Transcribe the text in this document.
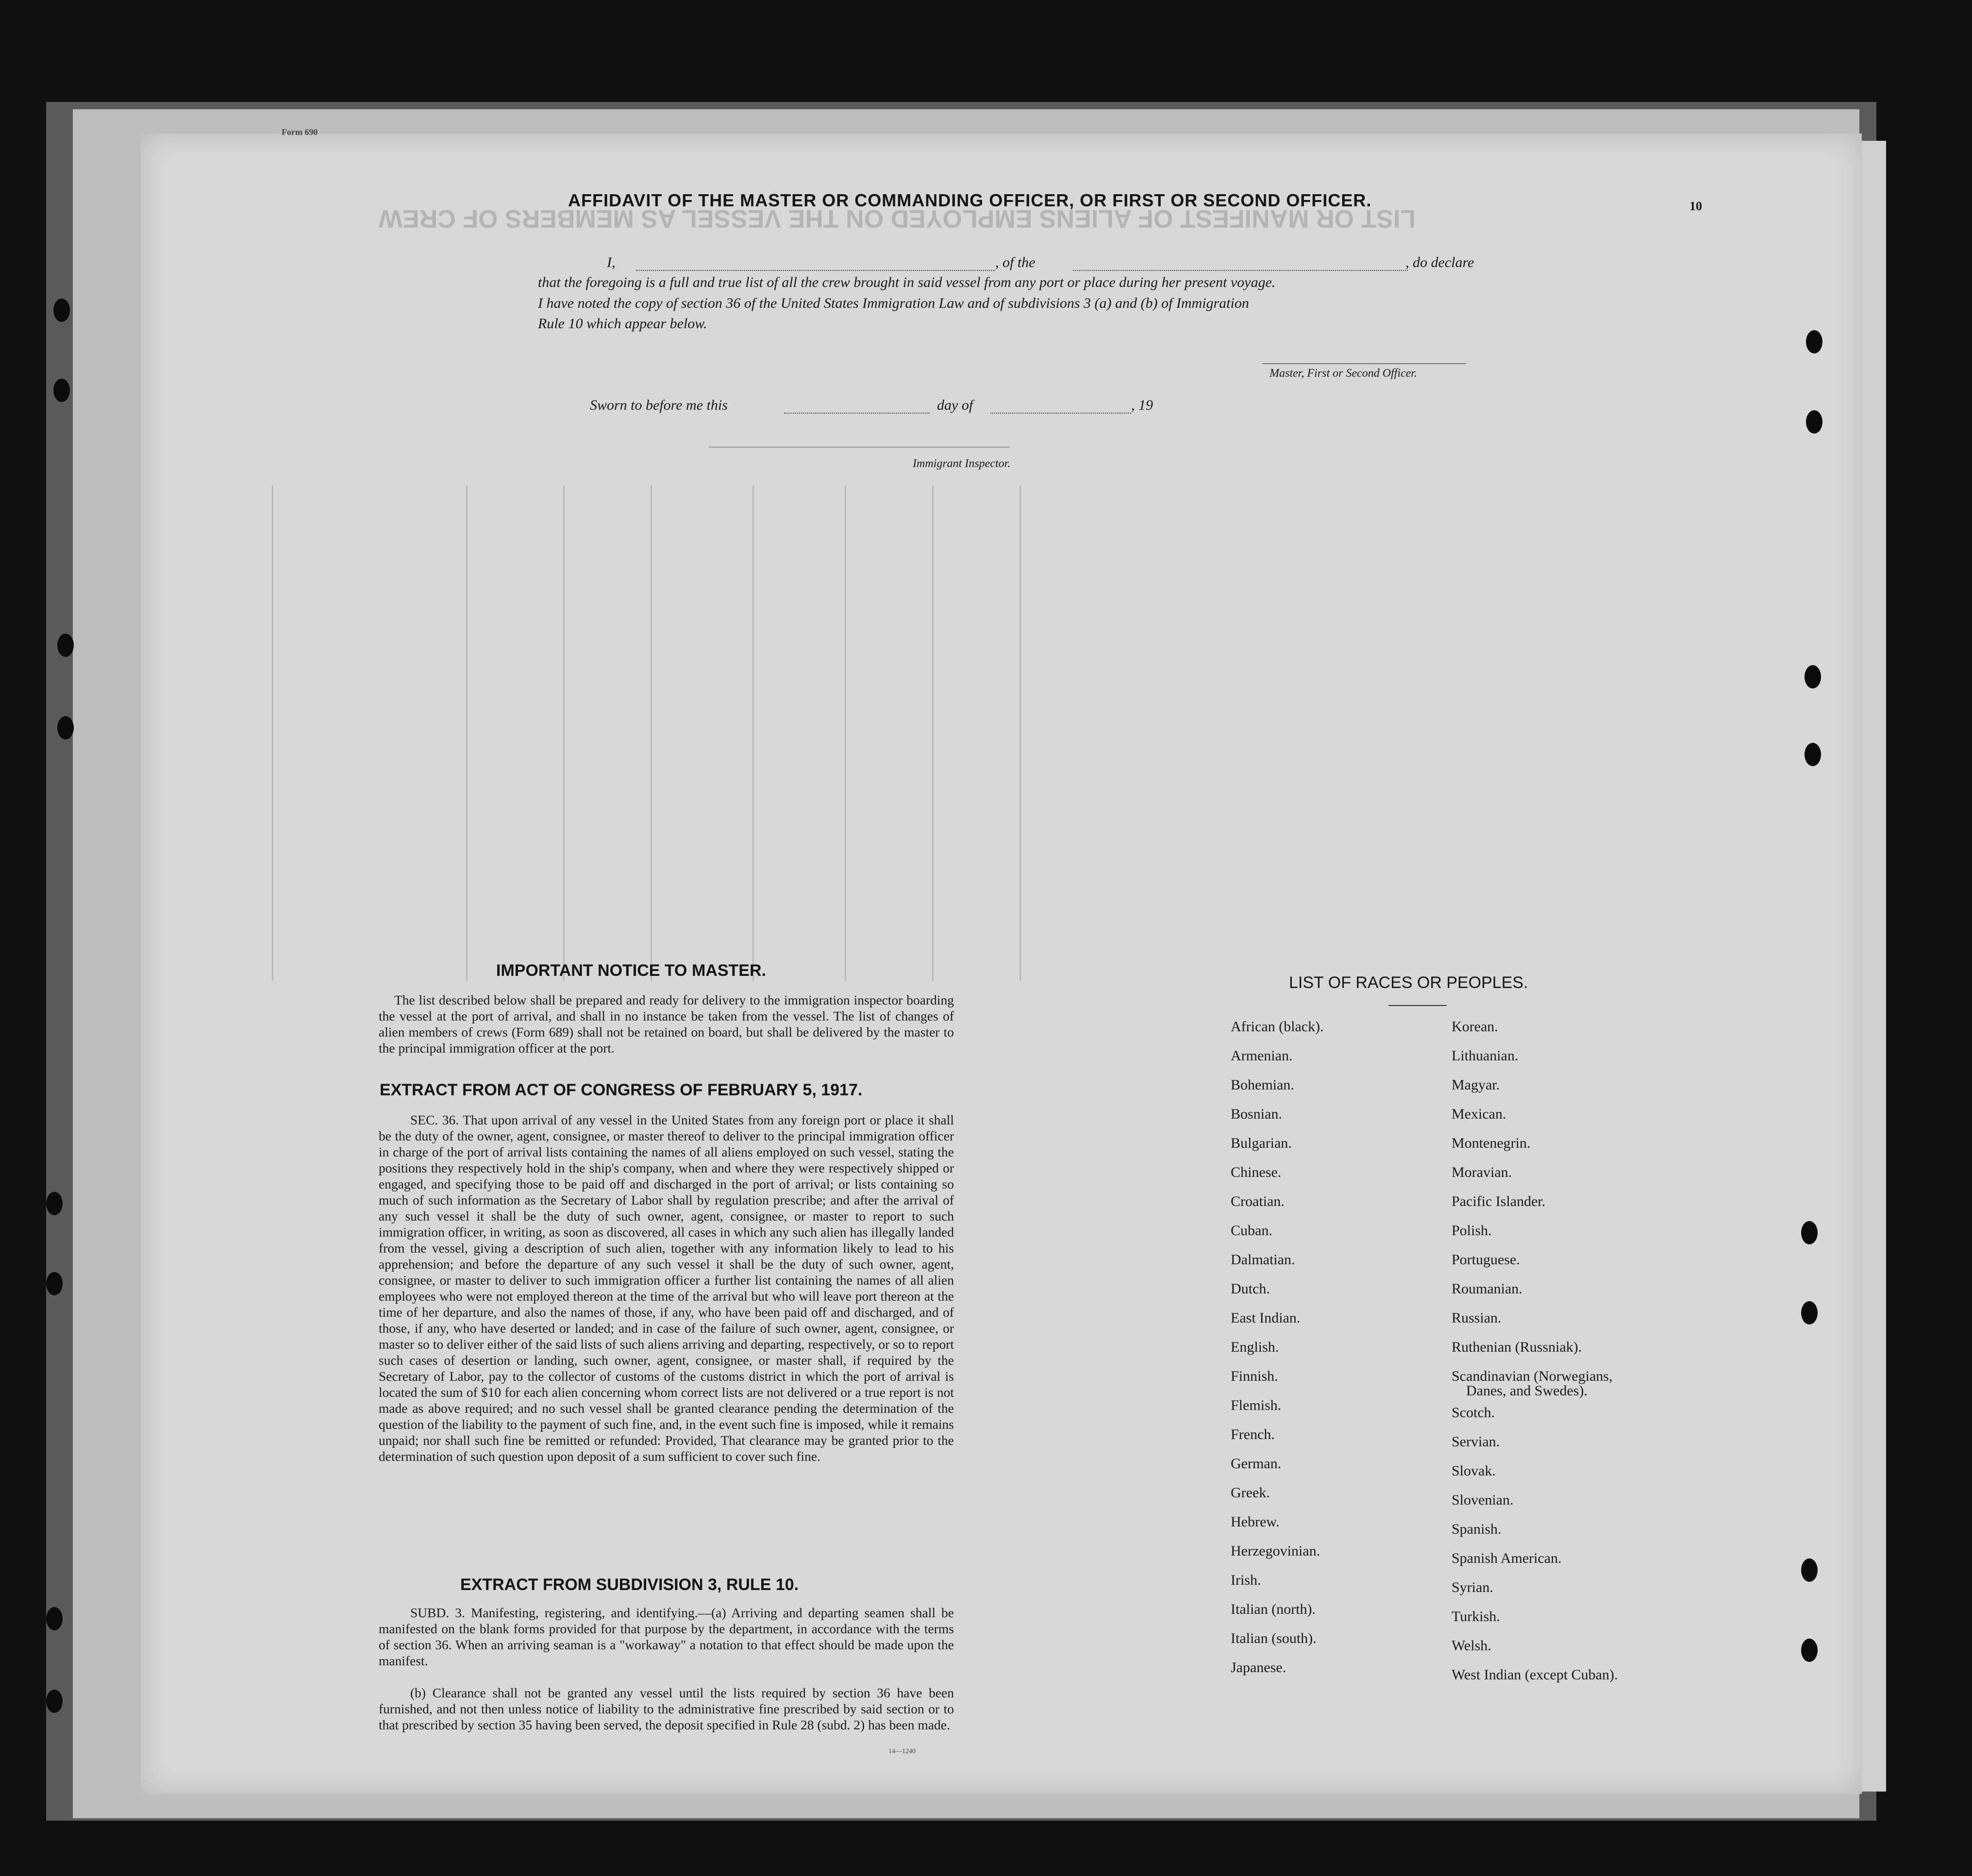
LIST OR MANIFEST OF ALIENS EMPLOYED ON THE VESSEL AS MEMBERS OF CREW
Form 690
10
AFFIDAVIT OF THE MASTER OR COMMANDING OFFICER, OR FIRST OR SECOND OFFICER.
I,	, of the	, do declare
that the foregoing is a full and true list of all the crew brought in said vessel from any port or place during her present voyage.
I have noted the copy of section 36 of the United States Immigration Law and of subdivisions 3 (a) and (b) of Immigration
Rule 10 which appear below.
Master, First or Second Officer.
Sworn to before me this	day of	, 19
Immigrant Inspector.
IMPORTANT NOTICE TO MASTER.
The list described below shall be prepared and ready for delivery to the immigration inspector boarding the vessel at the port of arrival, and shall in no instance be taken from the vessel. The list of changes of alien members of crews (Form 689) shall not be retained on board, but shall be delivered by the master to the principal immigration officer at the port.
EXTRACT FROM ACT OF CONGRESS OF FEBRUARY 5, 1917.
SEC. 36. That upon arrival of any vessel in the United States from any foreign port or place it shall be the duty of the owner, agent, consignee, or master thereof to deliver to the principal immigration officer in charge of the port of arrival lists containing the names of all aliens employed on such vessel, stating the positions they respectively hold in the ship's company, when and where they were respectively shipped or engaged, and specifying those to be paid off and discharged in the port of arrival; or lists containing so much of such information as the Secretary of Labor shall by regulation prescribe; and after the arrival of any such vessel it shall be the duty of such owner, agent, consignee, or master to report to such immigration officer, in writing, as soon as discovered, all cases in which any such alien has illegally landed from the vessel, giving a description of such alien, together with any information likely to lead to his apprehension; and before the departure of any such vessel it shall be the duty of such owner, agent, consignee, or master to deliver to such immigration officer a further list containing the names of all alien employees who were not employed thereon at the time of the arrival but who will leave port thereon at the time of her departure, and also the names of those, if any, who have been paid off and discharged, and of those, if any, who have deserted or landed; and in case of the failure of such owner, agent, consignee, or master so to deliver either of the said lists of such aliens arriving and departing, respectively, or so to report such cases of desertion or landing, such owner, agent, consignee, or master shall, if required by the Secretary of Labor, pay to the collector of customs of the customs district in which the port of arrival is located the sum of $10 for each alien concerning whom correct lists are not delivered or a true report is not made as above required; and no such vessel shall be granted clearance pending the determination of the question of the liability to the payment of such fine, and, in the event such fine is imposed, while it remains unpaid; nor shall such fine be remitted or refunded: Provided, That clearance may be granted prior to the determination of such question upon deposit of a sum sufficient to cover such fine.
EXTRACT FROM SUBDIVISION 3, RULE 10.
SUBD. 3. Manifesting, registering, and identifying.—(a) Arriving and departing seamen shall be manifested on the blank forms provided for that purpose by the department, in accordance with the terms of section 36. When an arriving seaman is a "workaway" a notation to that effect should be made upon the manifest.
(b) Clearance shall not be granted any vessel until the lists required by section 36 have been furnished, and not then unless notice of liability to the administrative fine prescribed by said section or to that prescribed by section 35 having been served, the deposit specified in Rule 28 (subd. 2) has been made.
14—1240
LIST OF RACES OR PEOPLES.
African (black).
Armenian.
Bohemian.
Bosnian.
Bulgarian.
Chinese.
Croatian.
Cuban.
Dalmatian.
Dutch.
East Indian.
English.
Finnish.
Flemish.
French.
German.
Greek.
Hebrew.
Herzegovinian.
Irish.
Italian (north).
Italian (south).
Japanese.
Korean.
Lithuanian.
Magyar.
Mexican.
Montenegrin.
Moravian.
Pacific Islander.
Polish.
Portuguese.
Roumanian.
Russian.
Ruthenian (Russniak).
Scandinavian (Norwegians,
Danes, and Swedes).
Scotch.
Servian.
Slovak.
Slovenian.
Spanish.
Spanish American.
Syrian.
Turkish.
Welsh.
West Indian (except Cuban).
